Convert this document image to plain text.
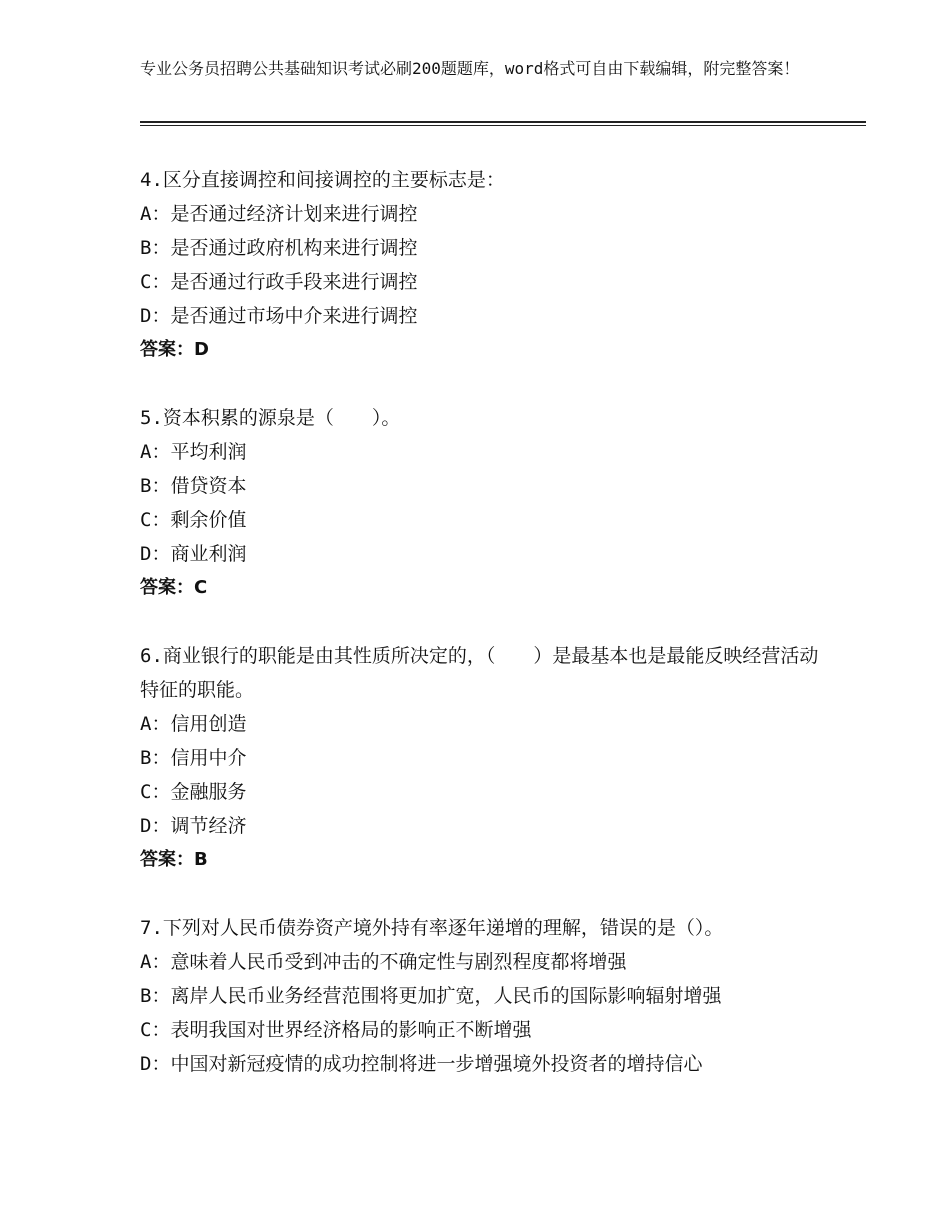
专业公务员招聘公共基础知识考试必刷200题题库，word格式可自由下载编辑，附完整答案！
4.区分直接调控和间接调控的主要标志是：
A：是否通过经济计划来进行调控
B：是否通过政府机构来进行调控
C：是否通过行政手段来进行调控
D：是否通过市场中介来进行调控
答案：D
5.资本积累的源泉是（　　）。
A：平均利润
B：借贷资本
C：剩余价值
D：商业利润
答案：C
6.商业银行的职能是由其性质所决定的，（　　）是最基本也是最能反映经营活动特征的职能。
A：信用创造
B：信用中介
C：金融服务
D：调节经济
答案：B
7.下列对人民币债券资产境外持有率逐年递增的理解，错误的是（）。
A：意味着人民币受到冲击的不确定性与剧烈程度都将增强
B：离岸人民币业务经营范围将更加扩宽，人民币的国际影响辐射增强
C：表明我国对世界经济格局的影响正不断增强
D：中国对新冠疫情的成功控制将进一步增强境外投资者的增持信心
